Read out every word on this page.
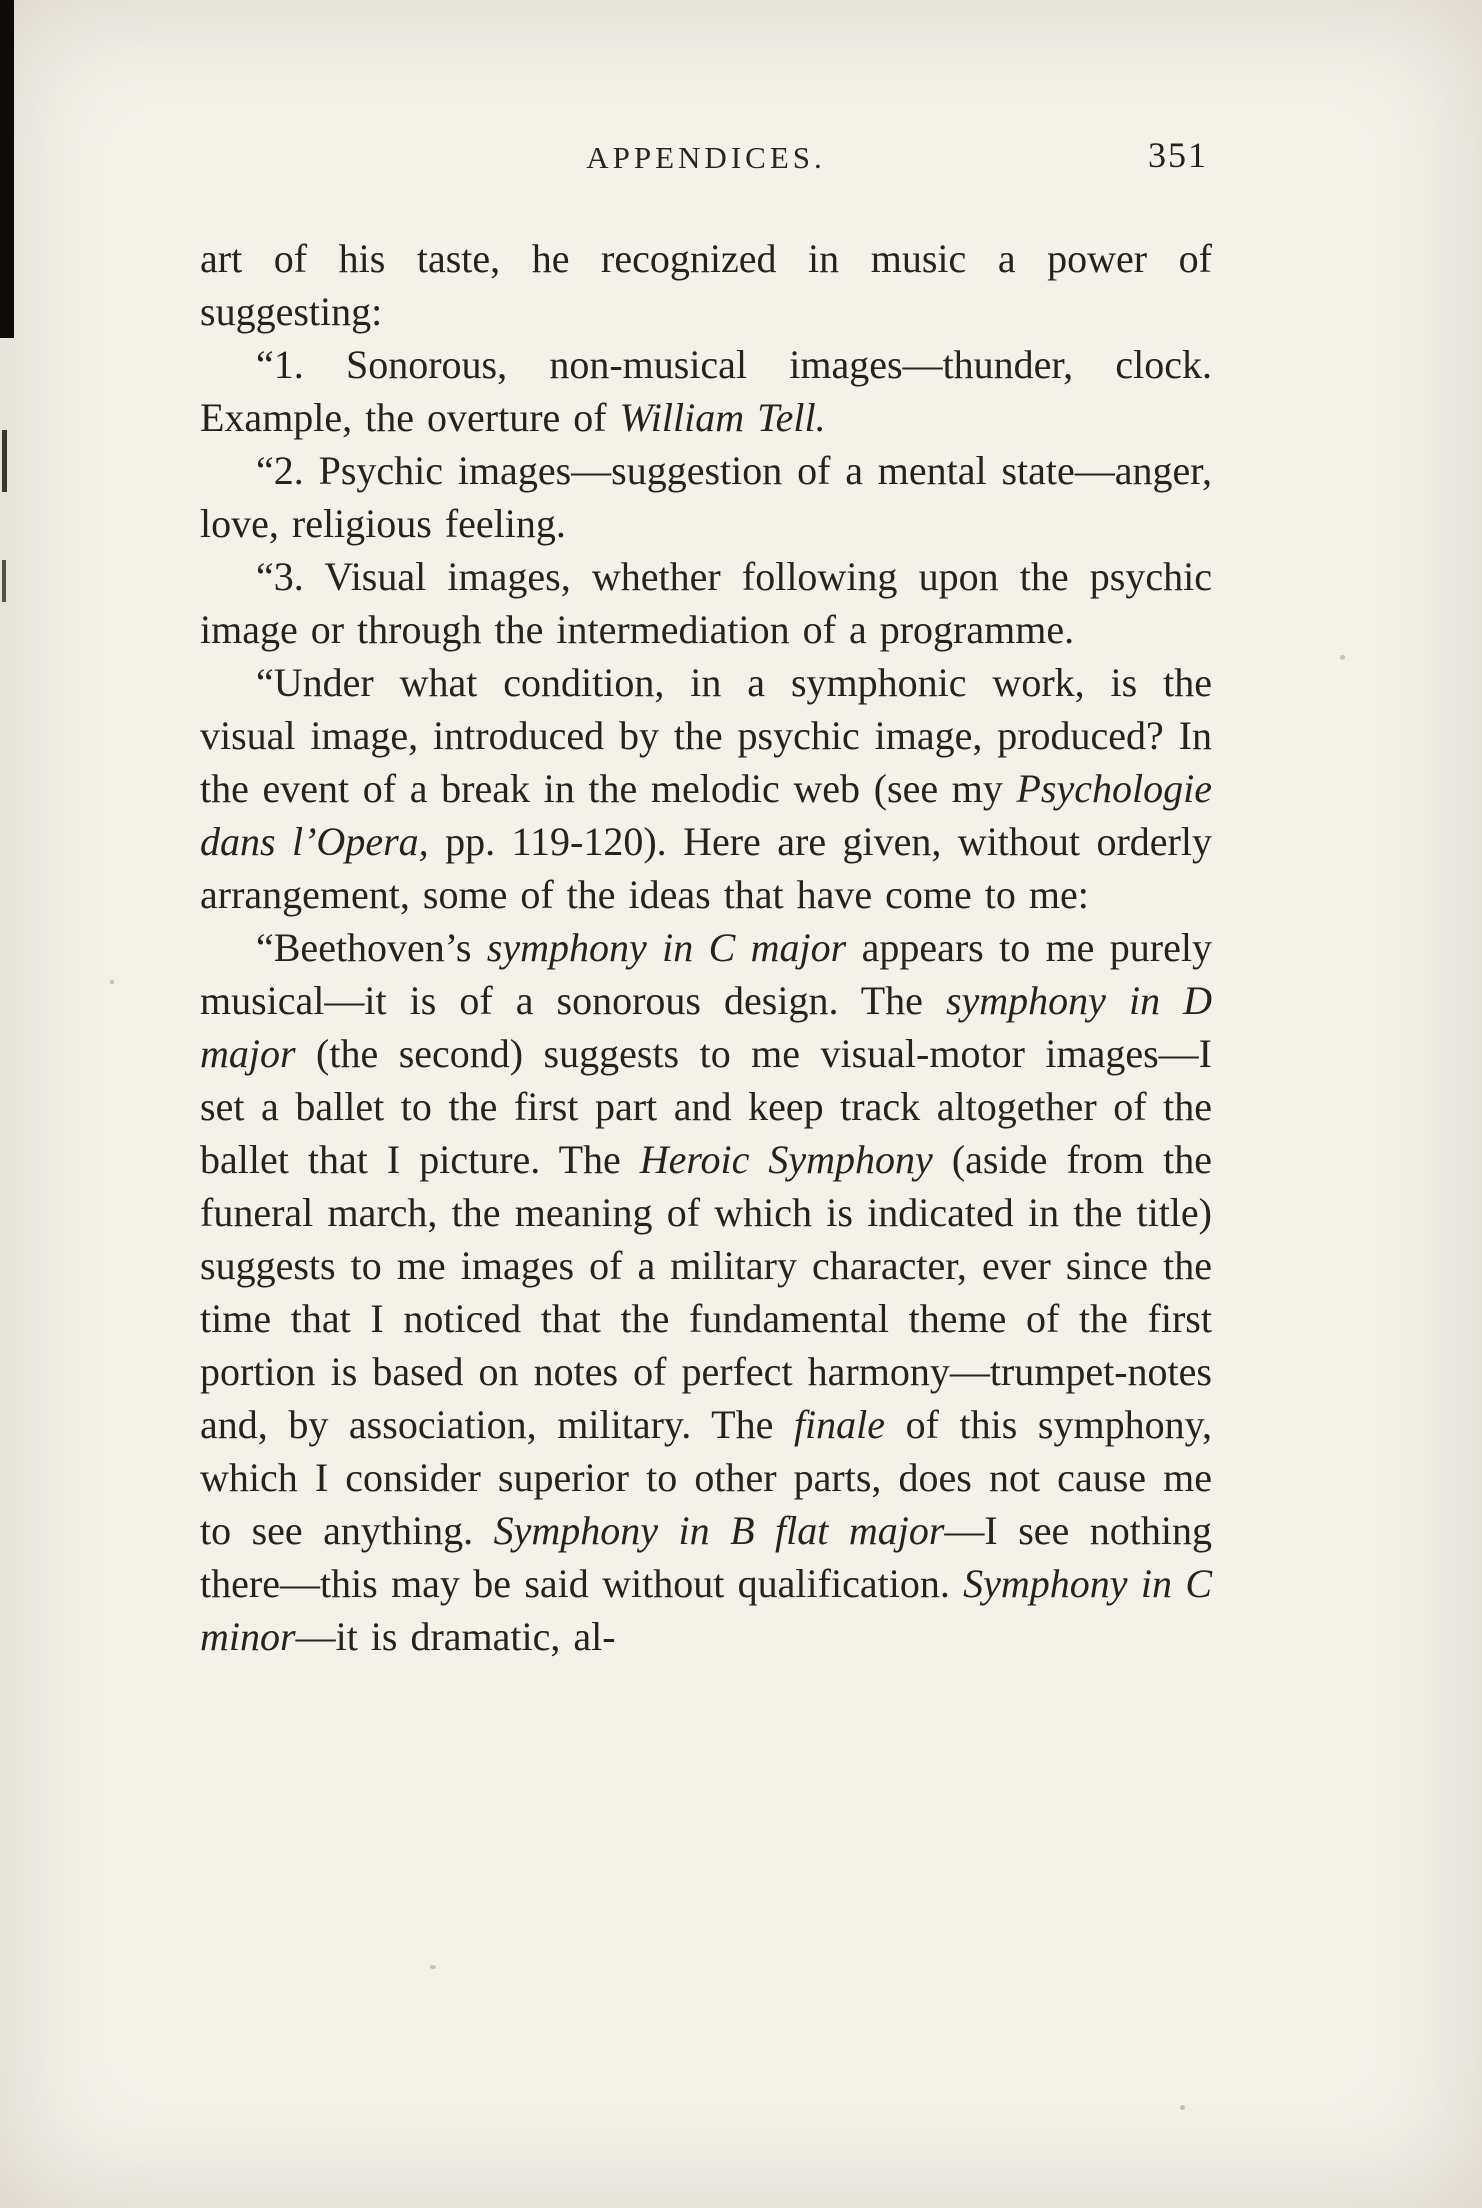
APPENDICES.	351

art of his taste, he recognized in music a power of suggesting:

“1. Sonorous, non-musical images—thunder, clock. Example, the overture of William Tell.

“2. Psychic images—suggestion of a mental state—anger, love, religious feeling.

“3. Visual images, whether following upon the psychic image or through the intermediation of a programme.

“Under what condition, in a symphonic work, is the visual image, introduced by the psychic image, produced? In the event of a break in the melodic web (see my Psychologie dans l’Opera, pp. 119-120). Here are given, without orderly arrangement, some of the ideas that have come to me:

“Beethoven’s symphony in C major appears to me purely musical—it is of a sonorous design. The symphony in D major (the second) suggests to me visual-motor images—I set a ballet to the first part and keep track altogether of the ballet that I picture. The Heroic Symphony (aside from the funeral march, the meaning of which is indicated in the title) suggests to me images of a military character, ever since the time that I noticed that the fundamental theme of the first portion is based on notes of perfect harmony—trumpet-notes and, by association, military. The finale of this symphony, which I consider superior to other parts, does not cause me to see anything. Symphony in B flat major—I see nothing there—this may be said without qualification. Symphony in C minor—it is dramatic, al-
